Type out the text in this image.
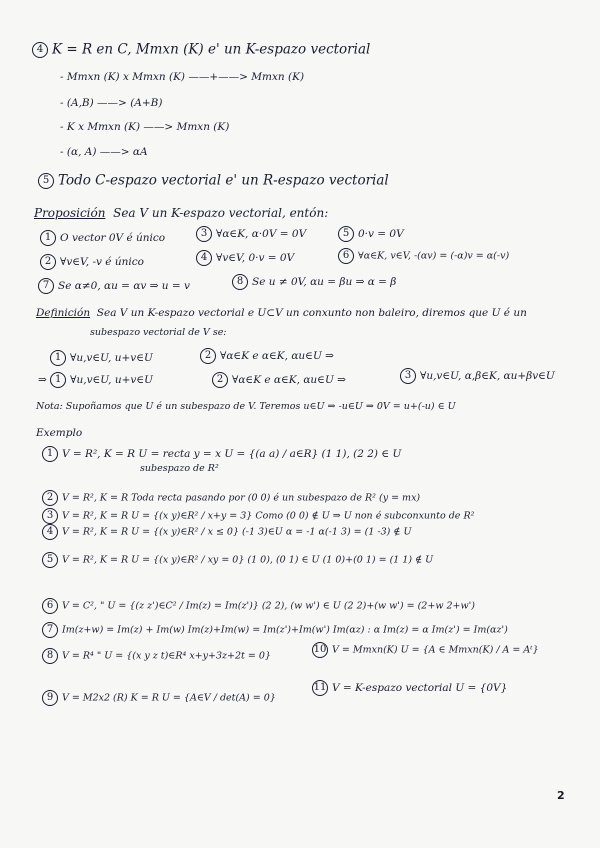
4 K = R en C, Mmxn (K) e' un K-espazo vectorial
- Mmxn (K) x Mmxn (K) ——+——> Mmxn (K)
- (A,B) ——> (A+B)
- K x Mmxn (K) ——> Mmxn (K)
- (α, A) ——> αA
5 Todo C-espazo vectorial e' un R-espazo vectorial
Proposición Sea V un K-espazo vectorial, entón:
1 O vector 0V é único	3 ∀α∈K, α·0V = 0V	5 0·v = 0V
2 ∀v∈V, -v é único	4 ∀v∈V, 0·v = 0V	6 ∀α∈K, v∈V, -(αv) = (-α)v = α(-v)
7 Se α≠0, αu = αv ⇒ u = v	8 Se u ≠ 0V, αu = βu ⇒ α = β
Definición Sea V un K-espazo vectorial e U⊂V un conxunto non baleiro, diremos que U é un
subespazo vectorial de V se:
1 ∀u,v∈U, u+v∈U	2 ∀α∈K e α∈K, αu∈U ⇒
⇒ 1 ∀u,v∈U, u+v∈U	2 ∀α∈K e α∈K, αu∈U ⇒	3 ∀u,v∈U, α,β∈K, αu+βv∈U
Nota: Supoñamos que U é un subespazo de V. Teremos u∈U ⇒ -u∈U ⇒ 0V = u+(-u) ∈ U
Exemplo
1 V = R², K = R U = recta y = x U = {(a a) / a∈R} (1 1), (2 2) ∈ U
subespazo de R²
2 V = R², K = R Toda recta pasando por (0 0) é un subespazo de R² (y = mx)
3 V = R², K = R U = {(x y)∈R² / x+y = 3} Como (0 0) ∉ U ⇒ U non é subconxunto de R²
4 V = R², K = R U = {(x y)∈R² / x ≤ 0} (-1 3)∈U α = -1 α(-1 3) = (1 -3) ∉ U
5 V = R², K = R U = {(x y)∈R² / xy = 0} (1 0), (0 1) ∈ U (1 0)+(0 1) = (1 1) ∉ U
6 V = C², " U = {(z z')∈C² / Im(z) = Im(z')} (2 2), (w w') ∈ U (2 2)+(w w') = (2+w 2+w')
7 Im(z+w) = Im(z) + Im(w) Im(z)+Im(w) = Im(z')+Im(w') Im(αz) : α Im(z) = α Im(z') = Im(αz')
8 V = R⁴ " U = {(x y z t)∈R⁴ x+y+3z+2t = 0}
10 V = Mmxn(K) U = {A ∈ Mmxn(K) / A = Aᵗ}
9 V = M2x2 (R) K = R U = {A∈V / det(A) = 0}
11 V = K-espazo vectorial U = {0V}
2
